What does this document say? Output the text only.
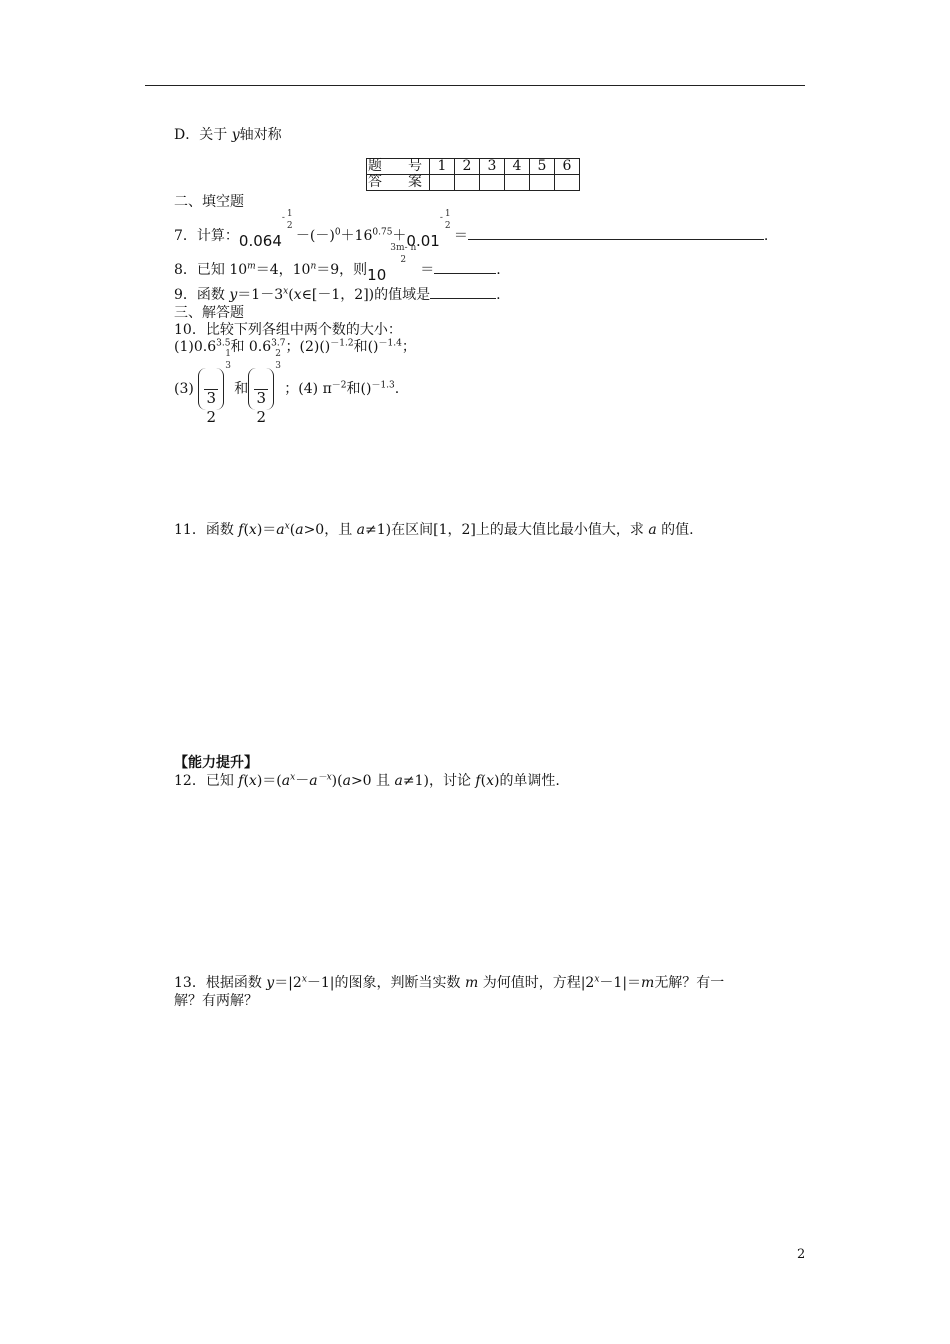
D．关于 y轴对称
题　号	1	2	3	4	5	6
答　案						
二、填空题
7．计算：0.064
- 1
2
$-(-)^0+16^{0.75}+0.01$
- 1
2
＝	.
8．已知 $10^m=4$，$10^n=9$，则10
3m- n
2
＝	.
9．函数 $y=1-3^x(x\in[-1$，2])的值域是	.
三、解答题
10．比较下列各组中两个数的大小：
$(1)0.6^{3.5}$和 $0.6^{3.7}$；(2)()$^{-1.2}$和()$^{-1.4}$；
(3) 3
2
1
3
和 3
2
2
3
；(4) $\pi^{-2}$和()$^{-1.3}$.
11．函数 $f(x)=a^x(a>0$，且 a≠1)在区间[1，2]上的最大值比最小值大，求 a 的值.
【能力提升】
12．已知 $f(x)=(a^x-a^{-x})(a>0$ 且 a≠1)，讨论 f(x)的单调性.
13．根据函数 $y=|2^x-1|$的图象，判断当实数 m 为何值时，方程$|2^x-1|=m$无解？有一
解？有两解？
2
